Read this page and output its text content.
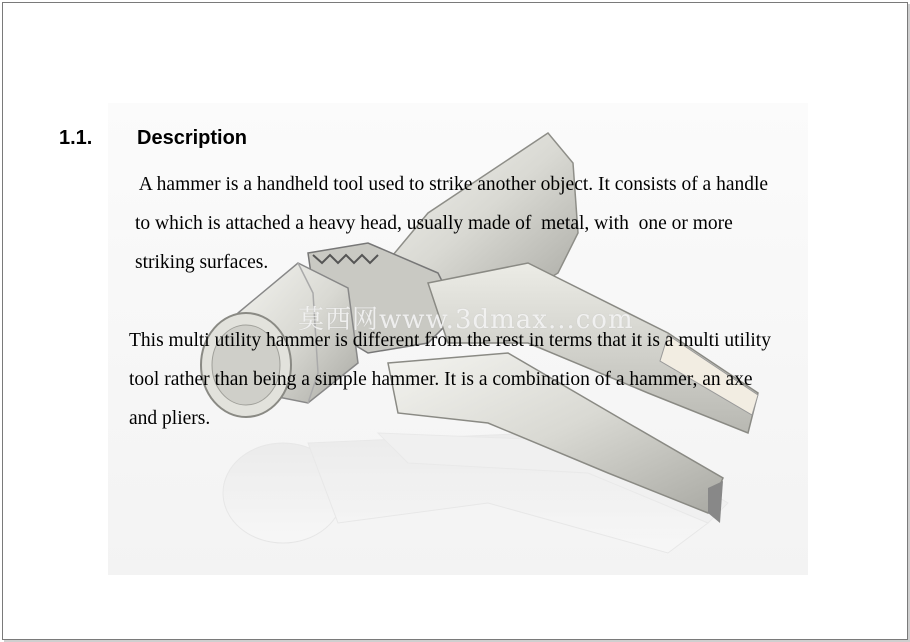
莫西网www.3dmax...com
1.1. Description

A hammer is a handheld tool used to strike another object. It consists of a handle
to which is attached a heavy head, usually made of  metal, with  one or more
striking surfaces.

This multi utility hammer is different from the rest in terms that it is a multi utility
tool rather than being a simple hammer. It is a combination of a hammer, an axe
and pliers.
